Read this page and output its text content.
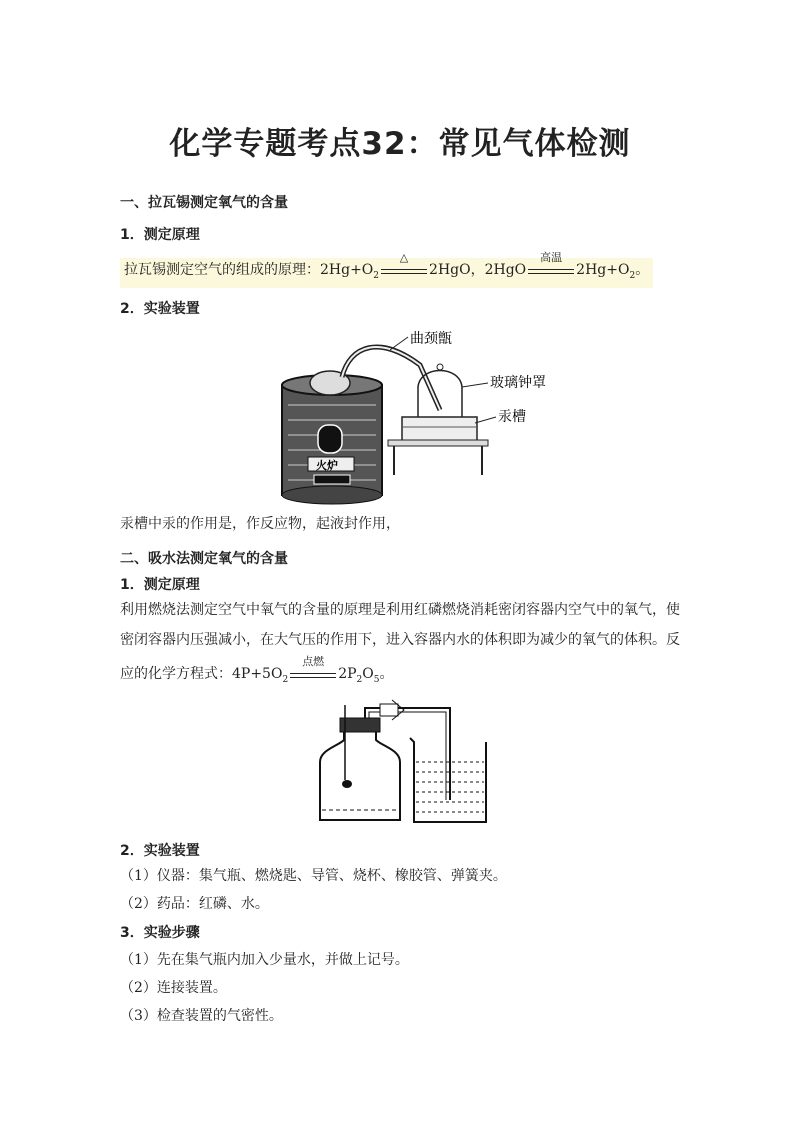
化学专题考点32：常见气体检测
一、拉瓦锡测定氧气的含量
1．测定原理
拉瓦锡测定空气的组成的原理：$2Hg+O_2$
△
2HgO，2HgO
高温
$2Hg+O_2$。
2．实验装置
曲颈甑
玻璃钟罩
汞槽
火炉
汞槽中汞的作用是，作反应物，起液封作用，
二、吸水法测定氧气的含量
1．测定原理
利用燃烧法测定空气中氧气的含量的原理是利用红磷燃烧消耗密闭容器内空气中的氧气，使
密闭容器内压强减小，在大气压的作用下，进入容器内水的体积即为减少的氧气的体积。反
应的化学方程式：$4P+5O_2$
点燃
$2P_2O_5$。
2．实验装置
（1）仪器：集气瓶、燃烧匙、导管、烧杯、橡胶管、弹簧夹。
（2）药品：红磷、水。
3．实验步骤
（1）先在集气瓶内加入少量水，并做上记号。
（2）连接装置。
（3）检查装置的气密性。
